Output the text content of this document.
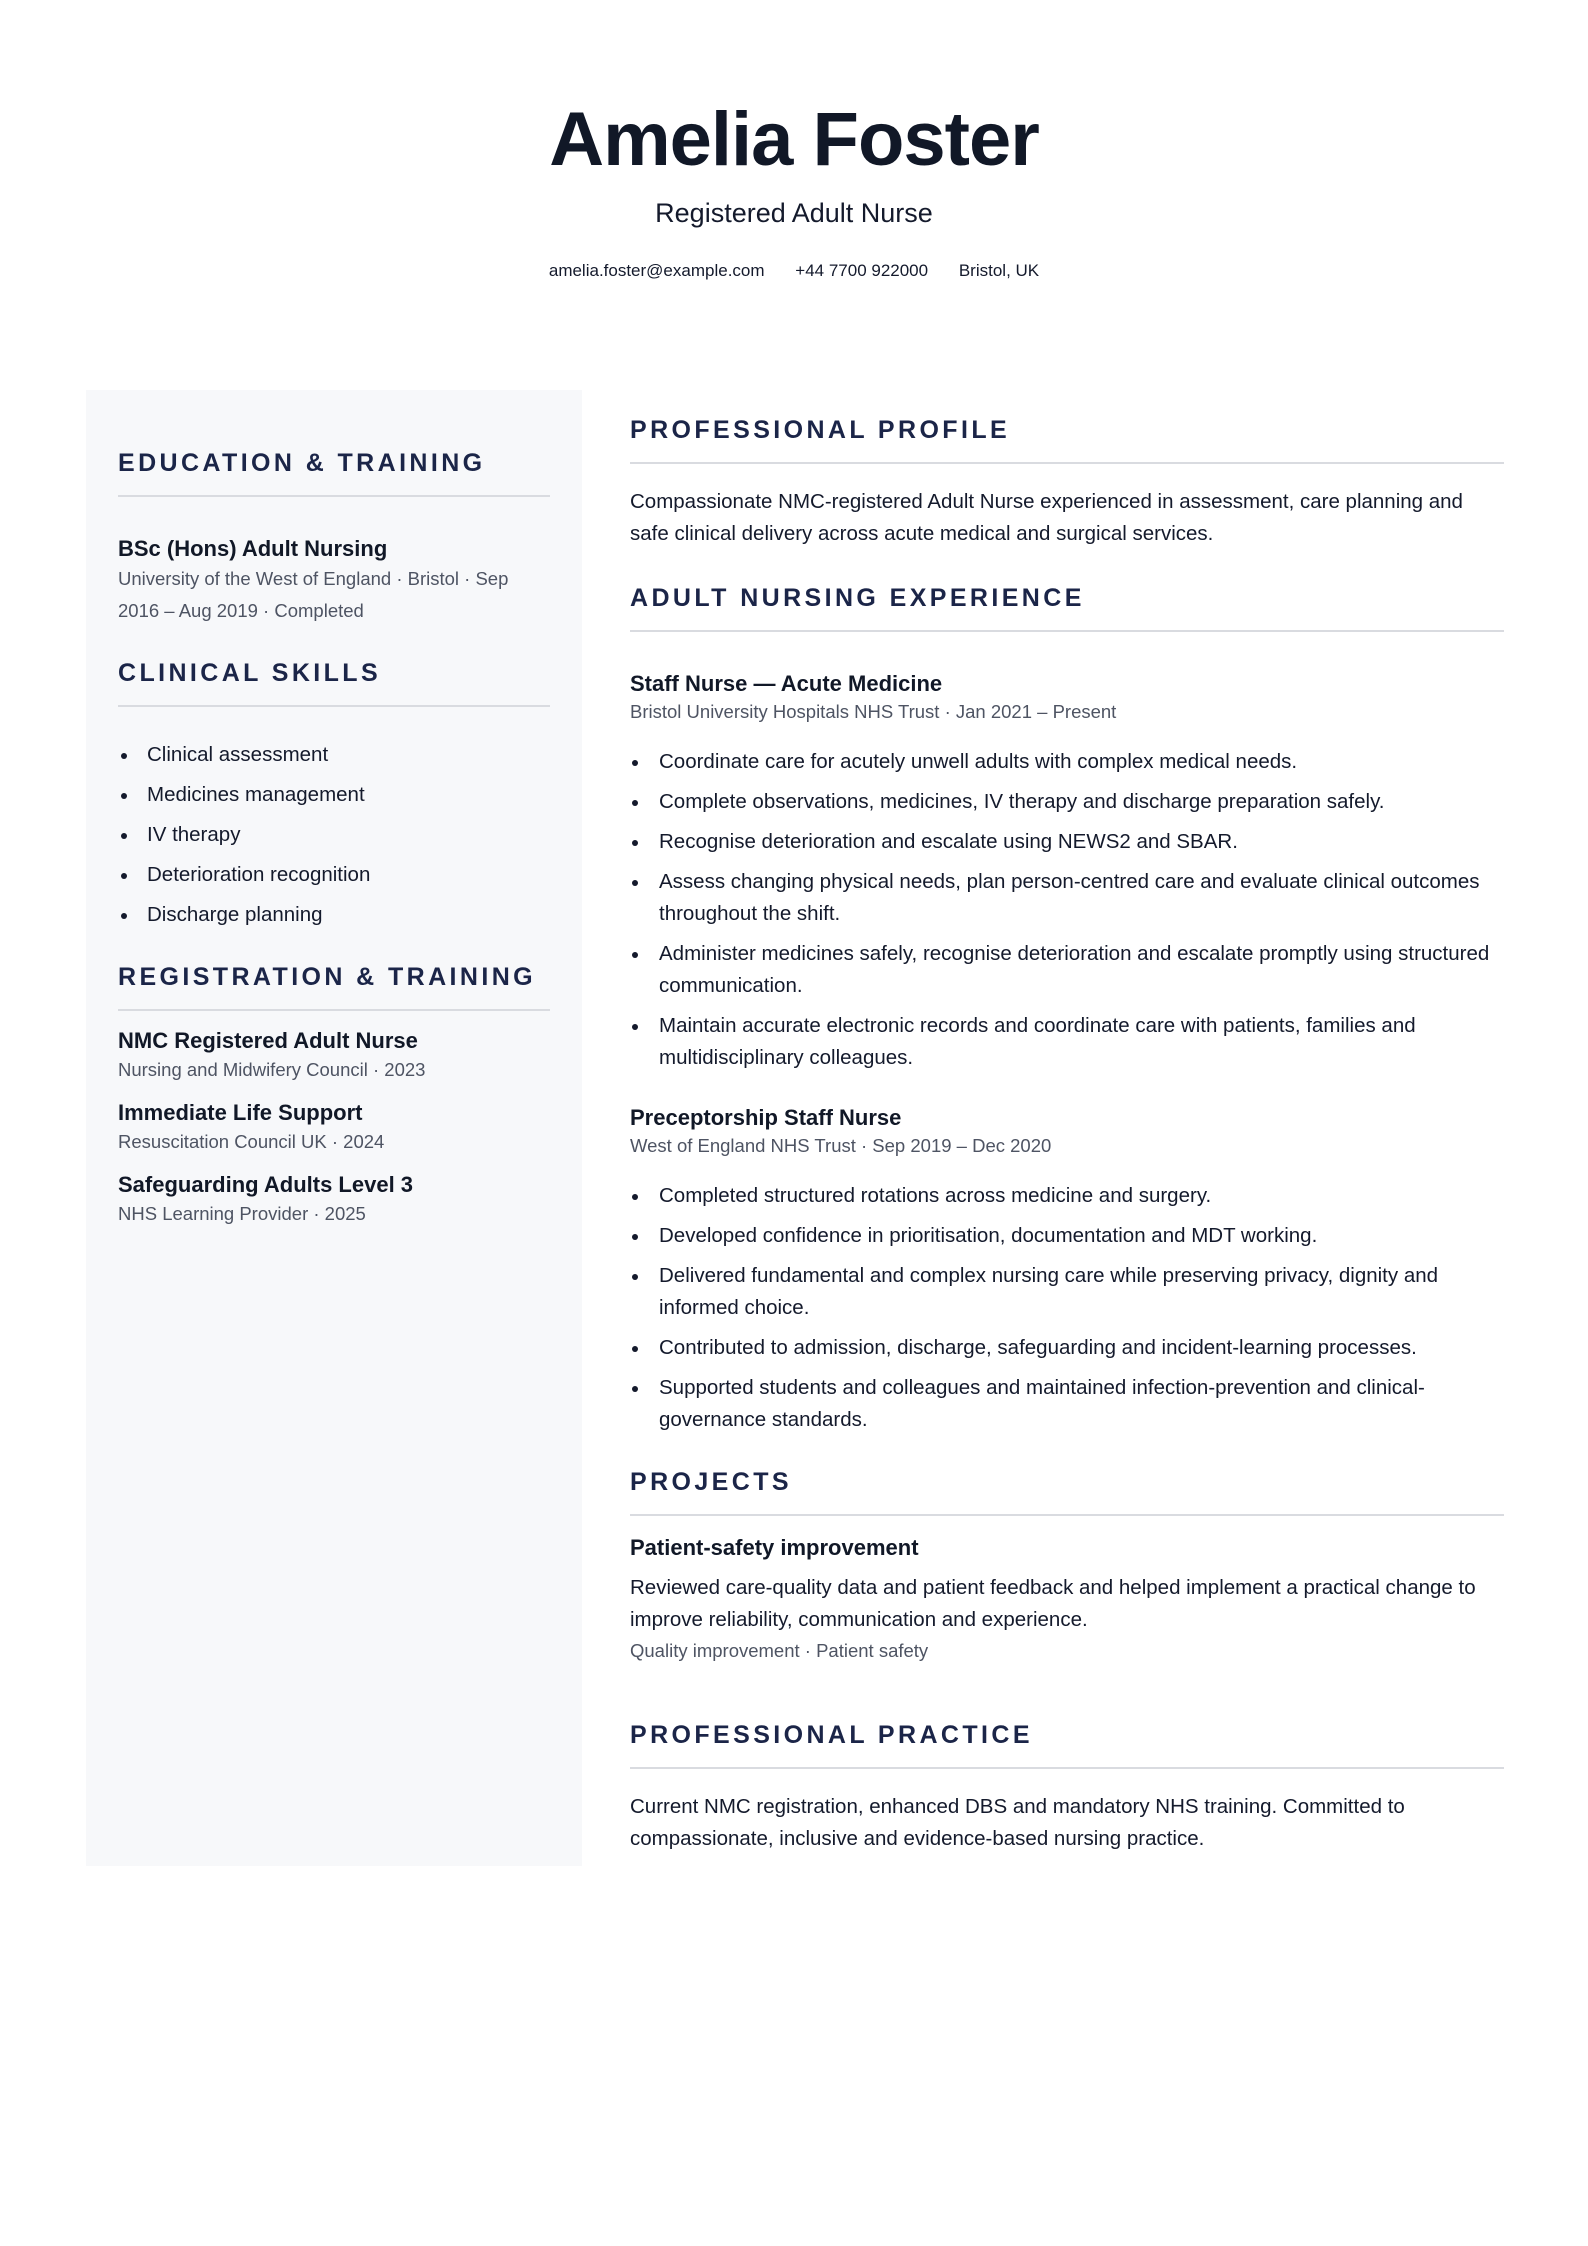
Amelia Foster
Registered Adult Nurse
amelia.foster@example.com +44 7700 922000 Bristol, UK
EDUCATION & TRAINING
BSc (Hons) Adult Nursing
University of the West of England · Bristol · Sep 2016 – Aug 2019 · Completed
CLINICAL SKILLS
Clinical assessment
Medicines management
IV therapy
Deterioration recognition
Discharge planning
REGISTRATION & TRAINING
NMC Registered Adult Nurse
Nursing and Midwifery Council · 2023
Immediate Life Support
Resuscitation Council UK · 2024
Safeguarding Adults Level 3
NHS Learning Provider · 2025
PROFESSIONAL PROFILE

Compassionate NMC-registered Adult Nurse experienced in assessment, care planning and safe clinical delivery across acute medical and surgical services.

ADULT NURSING EXPERIENCE
Staff Nurse — Acute Medicine
Bristol University Hospitals NHS Trust · Jan 2021 – Present
Coordinate care for acutely unwell adults with complex medical needs.
Complete observations, medicines, IV therapy and discharge preparation safely.
Recognise deterioration and escalate using NEWS2 and SBAR.
Assess changing physical needs, plan person-centred care and evaluate clinical outcomes throughout the shift.
Administer medicines safely, recognise deterioration and escalate promptly using structured communication.
Maintain accurate electronic records and coordinate care with patients, families and multidisciplinary colleagues.
Preceptorship Staff Nurse
West of England NHS Trust · Sep 2019 – Dec 2020
Completed structured rotations across medicine and surgery.
Developed confidence in prioritisation, documentation and MDT working.
Delivered fundamental and complex nursing care while preserving privacy, dignity and informed choice.
Contributed to admission, discharge, safeguarding and incident-learning processes.
Supported students and colleagues and maintained infection-prevention and clinical-governance standards.
PROJECTS
Patient-safety improvement

Reviewed care-quality data and patient feedback and helped implement a practical change to improve reliability, communication and experience.

Quality improvement · Patient safety
PROFESSIONAL PRACTICE

Current NMC registration, enhanced DBS and mandatory NHS training. Committed to compassionate, inclusive and evidence-based nursing practice.
